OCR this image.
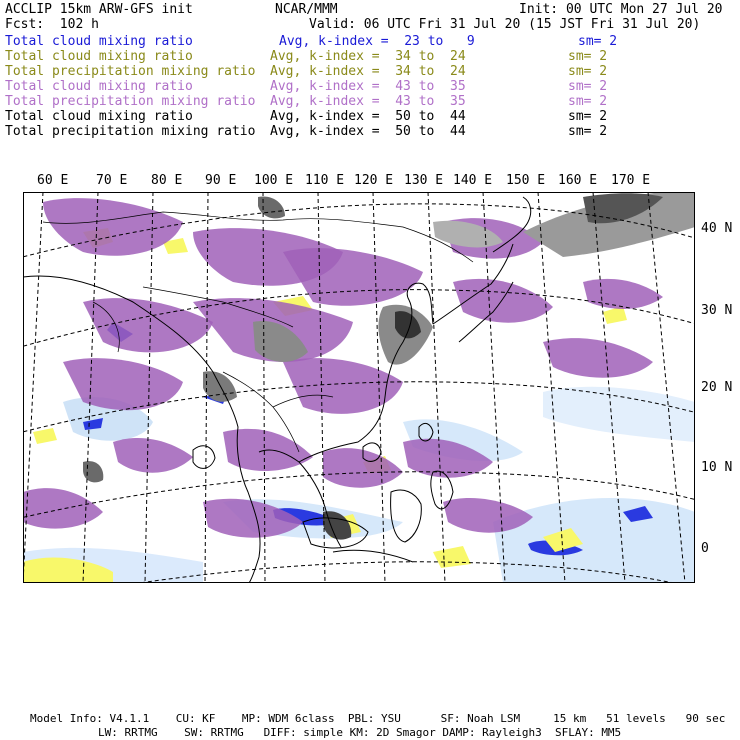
ACCLIP 15km ARW-GFS init	NCAR/MMM	Init: 00 UTC Mon 27 Jul 20
Fcst:  102 h	Valid: 06 UTC Fri 31 Jul 20 (15 JST Fri 31 Jul 20)
Total cloud mixing ratio	Avg, k-index =  23 to   9	sm= 2
Total cloud mixing ratio	Avg, k-index =  34 to  24	sm= 2
Total precipitation mixing ratio Avg, k-index =  34 to  24	sm= 2
Total cloud mixing ratio	Avg, k-index =  43 to  35	sm= 2
Total precipitation mixing ratio Avg, k-index =  43 to  35	sm= 2
Total cloud mixing ratio	Avg, k-index =  50 to  44	sm= 2
Total precipitation mixing ratio Avg, k-index =  50 to  44	sm= 2
60 E 70 E 80 E 90 E 100 E 110 E 120 E 130 E 140 E 150 E 160 E 170 E
40 N
30 N
20 N
10 N
0
Model Info: V4.1.1    CU: KF    MP: WDM 6class  PBL: YSU      SF: Noah LSM     15 km   51 levels   90 sec
LW: RRTMG    SW: RRTMG   DIFF: simple KM: 2D Smagor DAMP: Rayleigh3  SFLAY: MM5
